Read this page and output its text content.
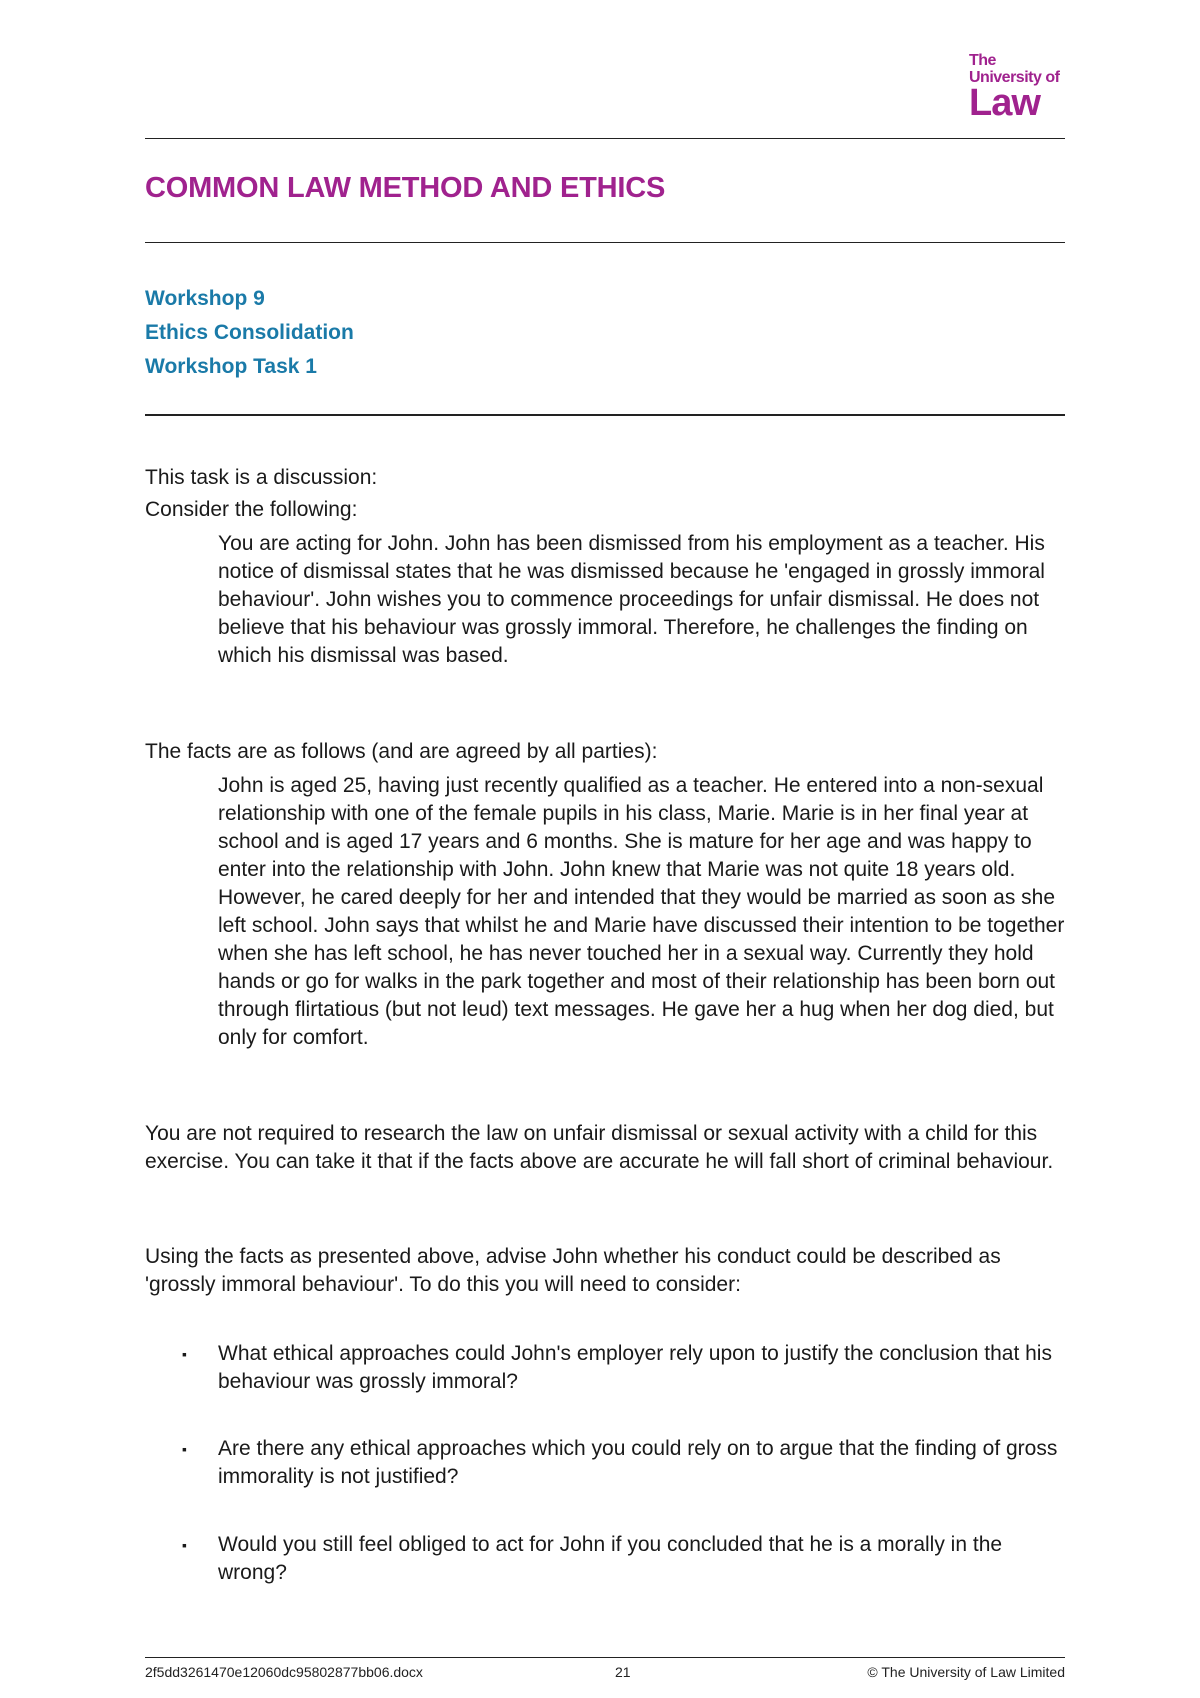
The
University of
Law
COMMON LAW METHOD AND ETHICS
Workshop 9
Ethics Consolidation
Workshop Task 1

This task is a discussion:

Consider the following:

You are acting for John. John has been dismissed from his employment as a teacher. His notice of dismissal states that he was dismissed because he 'engaged in grossly immoral behaviour'. John wishes you to commence proceedings for unfair dismissal. He does not believe that his behaviour was grossly immoral. Therefore, he challenges the finding on which his dismissal was based.

The facts are as follows (and are agreed by all parties):

John is aged 25, having just recently qualified as a teacher. He entered into a non-sexual relationship with one of the female pupils in his class, Marie. Marie is in her final year at school and is aged 17 years and 6 months. She is mature for her age and was happy to enter into the relationship with John. John knew that Marie was not quite 18 years old. However, he cared deeply for her and intended that they would be married as soon as she left school. John says that whilst he and Marie have discussed their intention to be together when she has left school, he has never touched her in a sexual way. Currently they hold hands or go for walks in the park together and most of their relationship has been born out through flirtatious (but not leud) text messages. He gave her a hug when her dog died, but only for comfort.

You are not required to research the law on unfair dismissal or sexual activity with a child for this exercise. You can take it that if the facts above are accurate he will fall short of criminal behaviour.

Using the facts as presented above, advise John whether his conduct could be described as 'grossly immoral behaviour'. To do this you will need to consider:

▪ What ethical approaches could John's employer rely upon to justify the conclusion that his behaviour was grossly immoral?

▪ Are there any ethical approaches which you could rely on to argue that the finding of gross immorality is not justified?

▪ Would you still feel obliged to act for John if you concluded that he is a morally in the wrong?

2f5dd3261470e12060dc95802877bb06.docx	21	© The University of Law Limited
